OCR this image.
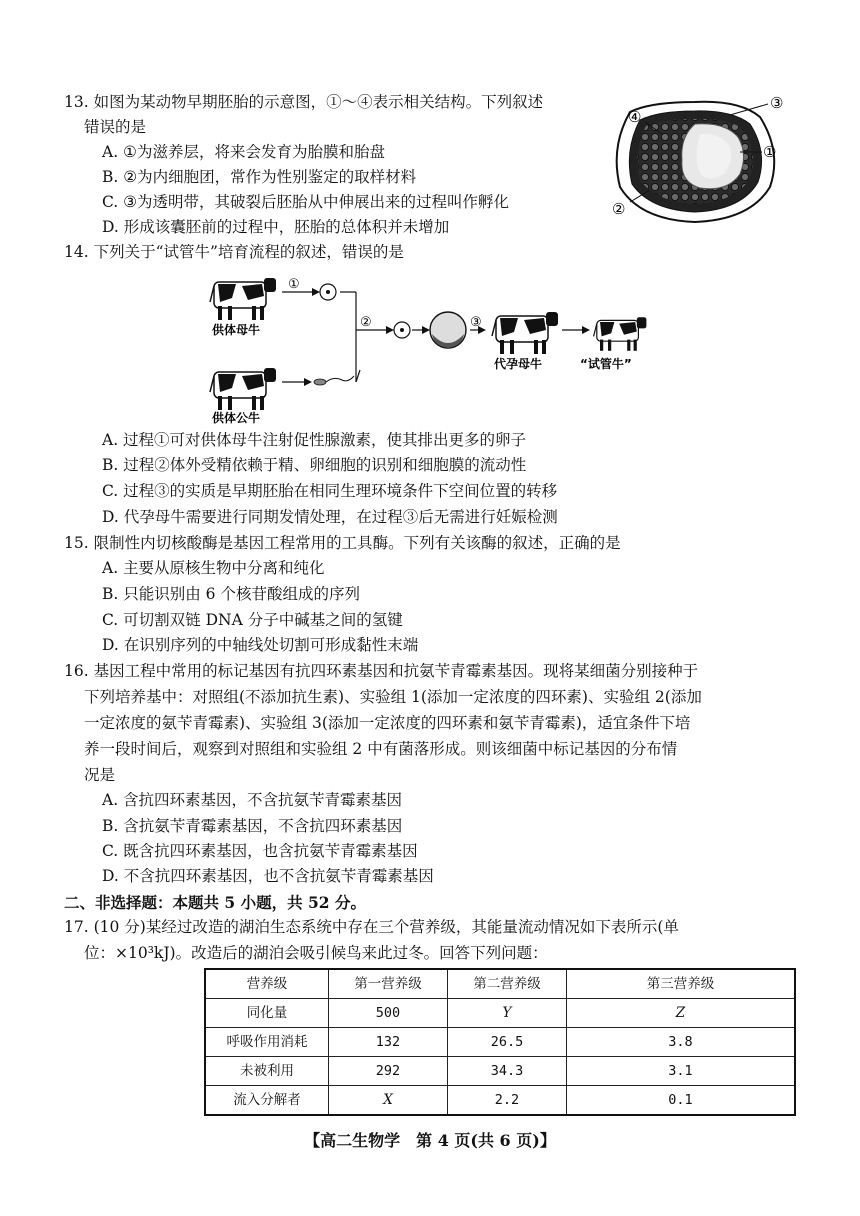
13. 如图为某动物早期胚胎的示意图，①～④表示相关结构。下列叙述
错误的是
A. ①为滋养层，将来会发育为胎膜和胎盘
B. ②为内细胞团，常作为性别鉴定的取样材料
C. ③为透明带，其破裂后胚胎从中伸展出来的过程叫作孵化
D. 形成该囊胚前的过程中，胚胎的总体积并未增加
③
①
④
②
14. 下列关于“试管牛”培育流程的叙述，错误的是
供体母牛
①
供体公牛
②	③
代孕母牛	“试管牛”
A. 过程①可对供体母牛注射促性腺激素，使其排出更多的卵子
B. 过程②体外受精依赖于精、卵细胞的识别和细胞膜的流动性
C. 过程③的实质是早期胚胎在相同生理环境条件下空间位置的转移
D. 代孕母牛需要进行同期发情处理，在过程③后无需进行妊娠检测
15. 限制性内切核酸酶是基因工程常用的工具酶。下列有关该酶的叙述，正确的是
A. 主要从原核生物中分离和纯化
B. 只能识别由 6 个核苷酸组成的序列
C. 可切割双链 DNA 分子中碱基之间的氢键
D. 在识别序列的中轴线处切割可形成黏性末端
16. 基因工程中常用的标记基因有抗四环素基因和抗氨苄青霉素基因。现将某细菌分别接种于
下列培养基中：对照组(不添加抗生素)、实验组 1(添加一定浓度的四环素)、实验组 2(添加
一定浓度的氨苄青霉素)、实验组 3(添加一定浓度的四环素和氨苄青霉素)，适宜条件下培
养一段时间后，观察到对照组和实验组 2 中有菌落形成。则该细菌中标记基因的分布情
况是
A. 含抗四环素基因，不含抗氨苄青霉素基因
B. 含抗氨苄青霉素基因，不含抗四环素基因
C. 既含抗四环素基因，也含抗氨苄青霉素基因
D. 不含抗四环素基因，也不含抗氨苄青霉素基因
二、非选择题：本题共 5 小题，共 52 分。
17. (10 分)某经过改造的湖泊生态系统中存在三个营养级，其能量流动情况如下表所示(单
位：×10³kJ)。改造后的湖泊会吸引候鸟来此过冬。回答下列问题：
营养级	第一营养级	第二营养级	第三营养级
同化量	500	Y	Z
呼吸作用消耗	132	26.5	3.8
未被利用	292	34.3	3.1
流入分解者	X	2.2	0.1
【高二生物学　第 4 页(共 6 页)】
